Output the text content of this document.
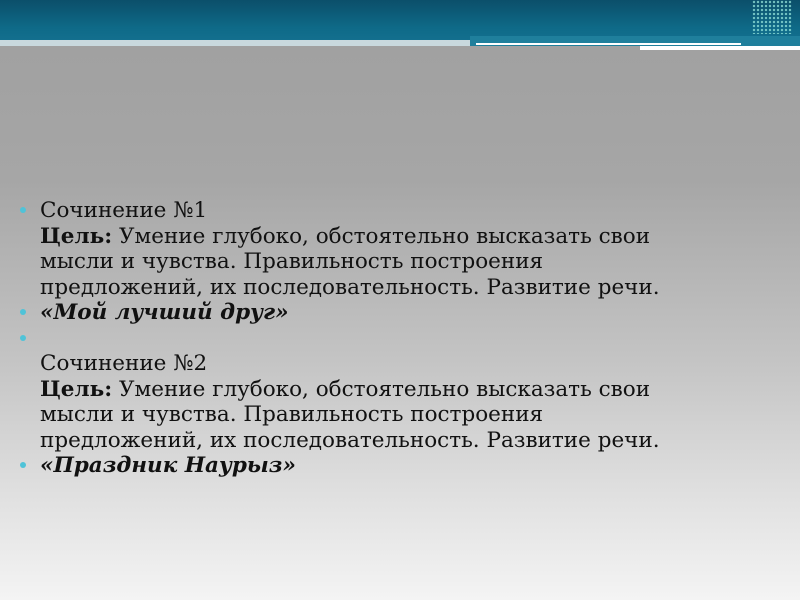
Сочинение №1
Цель: Умение глубоко, обстоятельно высказать свои
мысли и чувства. Правильность построения
предложений, их последовательность. Развитие речи.
«Мой лучший друг»

Сочинение №2
Цель: Умение глубоко, обстоятельно высказать свои
мысли и чувства. Правильность построения
предложений, их последовательность. Развитие речи.
«Праздник Наурыз»
